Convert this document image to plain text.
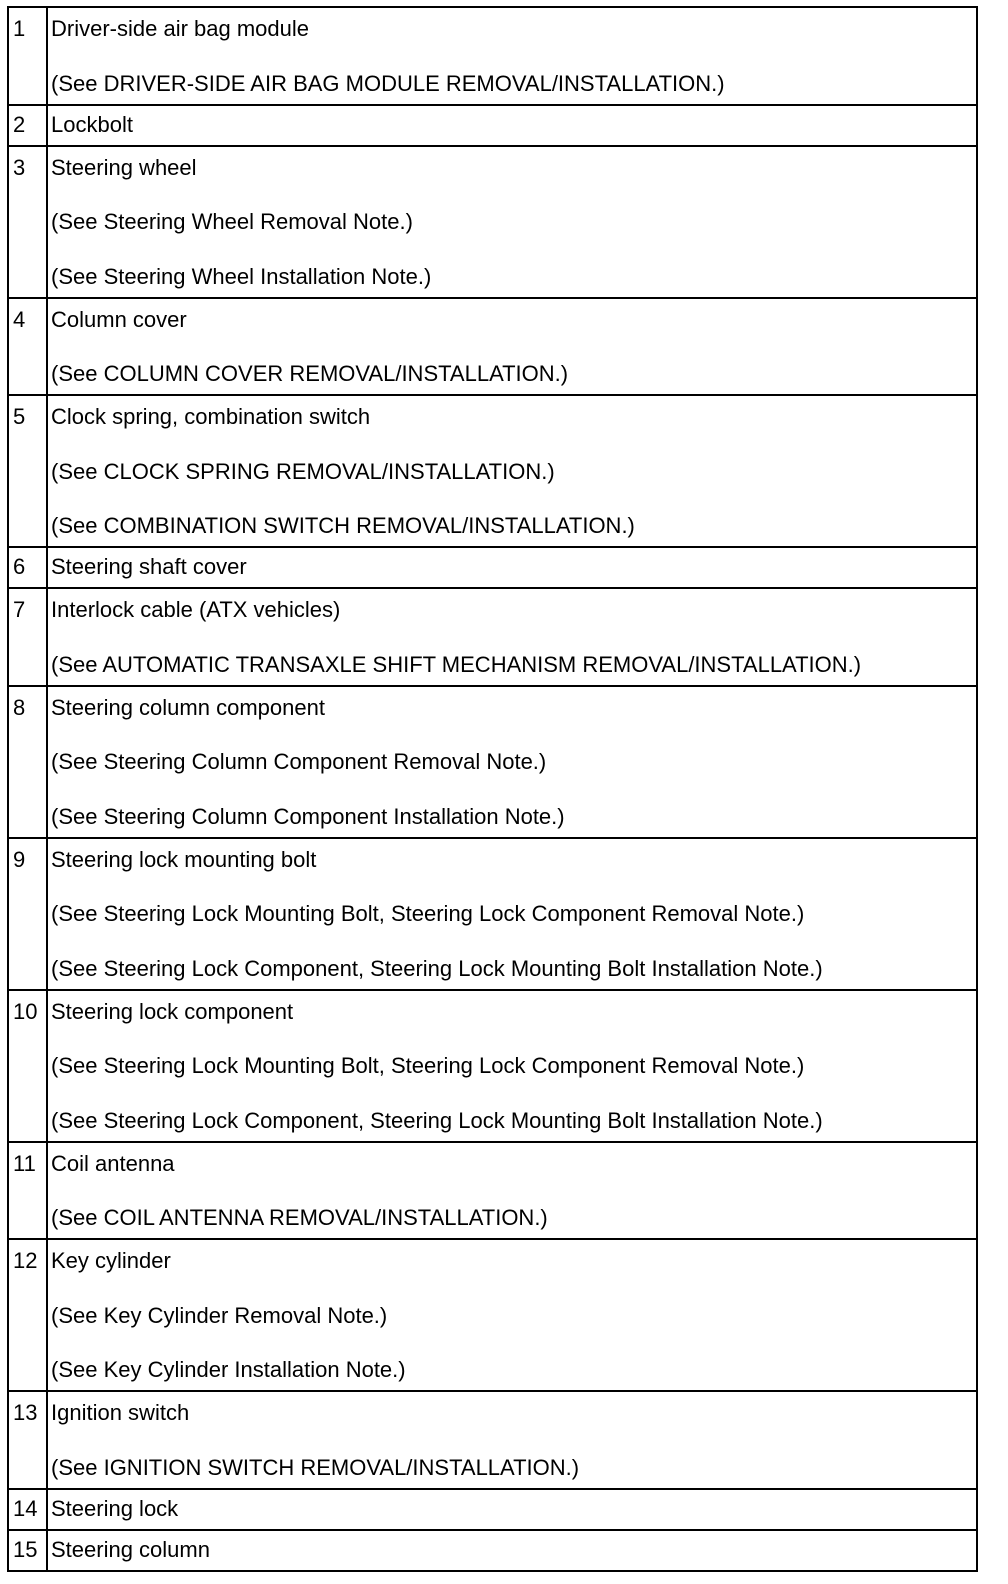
1	Driver-side air bag module
(See DRIVER-SIDE AIR BAG MODULE REMOVAL/INSTALLATION.)

2	Lockbolt

3	Steering wheel
(See Steering Wheel Removal Note.)
(See Steering Wheel Installation Note.)

4	Column cover
(See COLUMN COVER REMOVAL/INSTALLATION.)

5	Clock spring, combination switch
(See CLOCK SPRING REMOVAL/INSTALLATION.)
(See COMBINATION SWITCH REMOVAL/INSTALLATION.)

6	Steering shaft cover

7	Interlock cable (ATX vehicles)
(See AUTOMATIC TRANSAXLE SHIFT MECHANISM REMOVAL/INSTALLATION.)

8	Steering column component
(See Steering Column Component Removal Note.)
(See Steering Column Component Installation Note.)

9	Steering lock mounting bolt
(See Steering Lock Mounting Bolt, Steering Lock Component Removal Note.)
(See Steering Lock Component, Steering Lock Mounting Bolt Installation Note.)

10	Steering lock component
(See Steering Lock Mounting Bolt, Steering Lock Component Removal Note.)
(See Steering Lock Component, Steering Lock Mounting Bolt Installation Note.)

11	Coil antenna
(See COIL ANTENNA REMOVAL/INSTALLATION.)

12	Key cylinder
(See Key Cylinder Removal Note.)
(See Key Cylinder Installation Note.)

13	Ignition switch
(See IGNITION SWITCH REMOVAL/INSTALLATION.)

14	Steering lock

15	Steering column
